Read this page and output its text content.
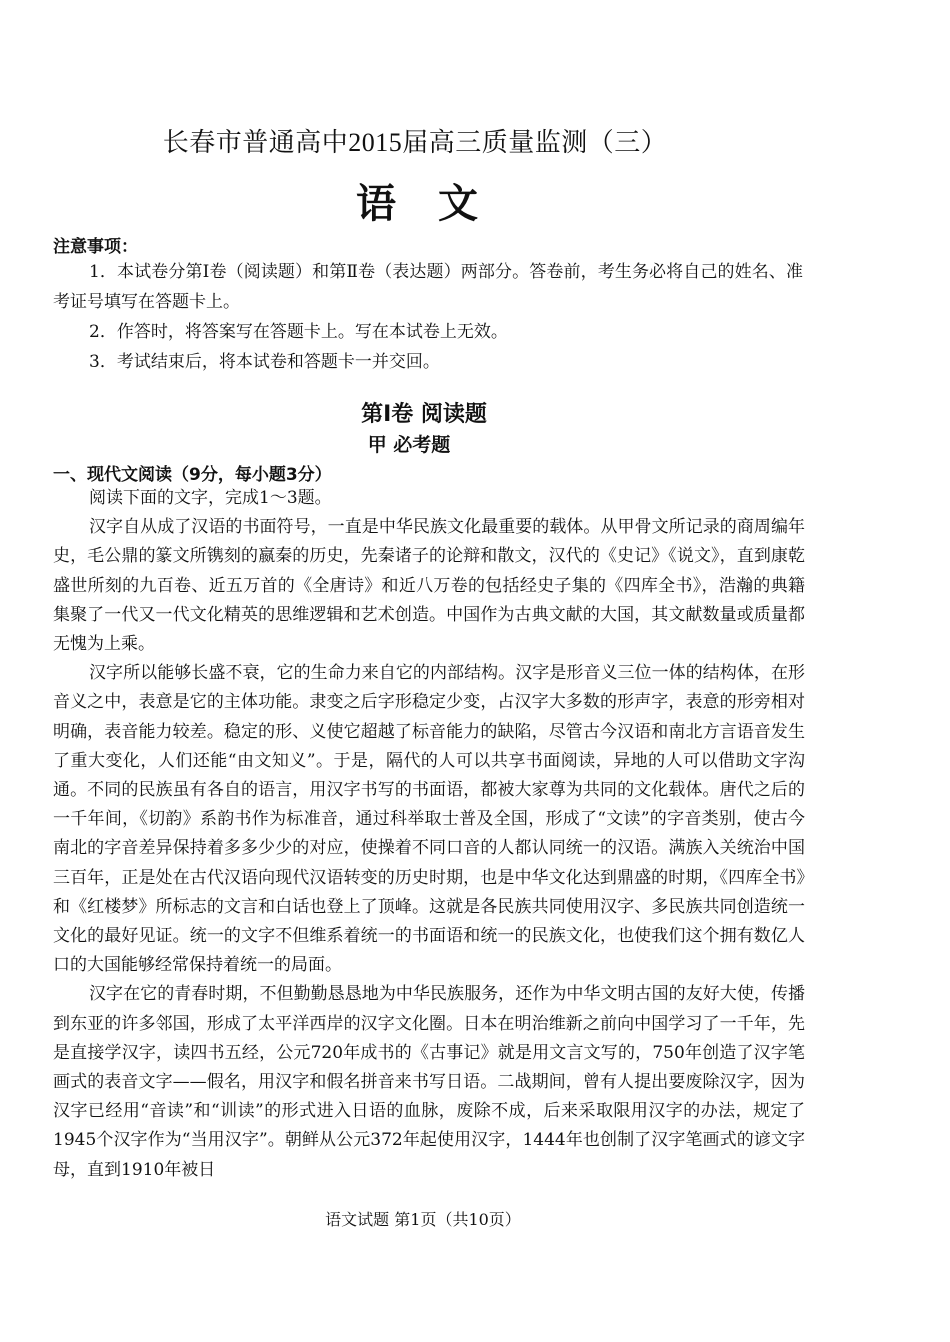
长春市普通高中2015届高三质量监测（三）
语 文
注意事项：

1．本试卷分第Ⅰ卷（阅读题）和第Ⅱ卷（表达题）两部分。答卷前，考生务必将自己的姓名、准考证号填写在答题卡上。

2．作答时，将答案写在答题卡上。写在本试卷上无效。

3．考试结束后，将本试卷和答题卡一并交回。

第Ⅰ卷 阅读题
甲 必考题
一、现代文阅读（9分，每小题3分）

阅读下面的文字，完成1～3题。

汉字自从成了汉语的书面符号，一直是中华民族文化最重要的载体。从甲骨文所记录的商周编年史，毛公鼎的篆文所镌刻的嬴秦的历史，先秦诸子的论辩和散文，汉代的《史记》《说文》，直到康乾盛世所刻的九百卷、近五万首的《全唐诗》和近八万卷的包括经史子集的《四库全书》，浩瀚的典籍集聚了一代又一代文化精英的思维逻辑和艺术创造。中国作为古典文献的大国，其文献数量或质量都无愧为上乘。

汉字所以能够长盛不衰，它的生命力来自它的内部结构。汉字是形音义三位一体的结构体，在形音义之中，表意是它的主体功能。隶变之后字形稳定少变，占汉字大多数的形声字，表意的形旁相对明确，表音能力较差。稳定的形、义使它超越了标音能力的缺陷，尽管古今汉语和南北方言语音发生了重大变化，人们还能“由文知义”。于是，隔代的人可以共享书面阅读，异地的人可以借助文字沟通。不同的民族虽有各自的语言，用汉字书写的书面语，都被大家尊为共同的文化载体。唐代之后的一千年间，《切韵》系韵书作为标准音，通过科举取士普及全国，形成了“文读”的字音类别，使古今南北的字音差异保持着多多少少的对应，使操着不同口音的人都认同统一的汉语。满族入关统治中国三百年，正是处在古代汉语向现代汉语转变的历史时期，也是中华文化达到鼎盛的时期，《四库全书》和《红楼梦》所标志的文言和白话也登上了顶峰。这就是各民族共同使用汉字、多民族共同创造统一文化的最好见证。统一的文字不但维系着统一的书面语和统一的民族文化，也使我们这个拥有数亿人口的大国能够经常保持着统一的局面。

汉字在它的青春时期，不但勤勤恳恳地为中华民族服务，还作为中华文明古国的友好大使，传播到东亚的许多邻国，形成了太平洋西岸的汉字文化圈。日本在明治维新之前向中国学习了一千年，先是直接学汉字，读四书五经，公元720年成书的《古事记》就是用文言文写的，750年创造了汉字笔画式的表音文字——假名，用汉字和假名拼音来书写日语。二战期间，曾有人提出要废除汉字，因为汉字已经用“音读”和“训读”的形式进入日语的血脉，废除不成，后来采取限用汉字的办法，规定了1945个汉字作为“当用汉字”。朝鲜从公元372年起使用汉字，1444年也创制了汉字笔画式的谚文字母，直到1910年被日

语文试题 第1页（共10页）
